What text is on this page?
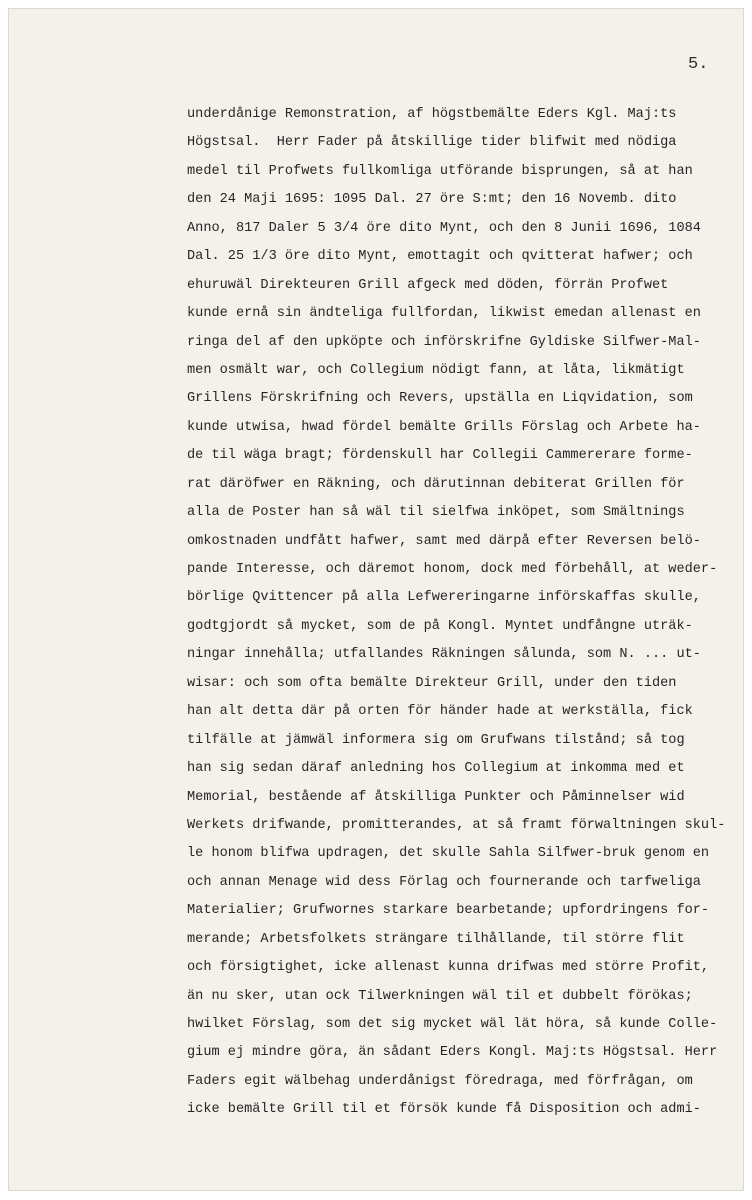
5.
underdånige Remonstration, af högstbemälte Eders Kgl. Maj:ts
Högstsal.  Herr Fader på åtskillige tider blifwit med nödiga
medel til Profwets fullkomliga utförande bisprungen, så at han
den 24 Maji 1695: 1095 Dal. 27 öre S:mt; den 16 Novemb. dito
Anno, 817 Daler 5 3/4 öre dito Mynt, och den 8 Junii 1696, 1084
Dal. 25 1/3 öre dito Mynt, emottagit och qvitterat hafwer; och
ehuruwäl Direkteuren Grill afgeck med döden, förrän Profwet
kunde ernå sin ändteliga fullfordan, likwist emedan allenast en
ringa del af den upköpte och införskrifne Gyldiske Silfwer-Mal-
men osmält war, och Collegium nödigt fann, at låta, likmätigt
Grillens Förskrifning och Revers, upställa en Liqvidation, som
kunde utwisa, hwad fördel bemälte Grills Förslag och Arbete ha-
de til wäga bragt; fördenskull har Collegii Cammererare forme-
rat däröfwer en Räkning, och därutinnan debiterat Grillen för
alla de Poster han så wäl til sielfwa inköpet, som Smältnings
omkostnaden undfått hafwer, samt med därpå efter Reversen belö-
pande Interesse, och däremot honom, dock med förbehåll, at weder-
börlige Qvittencer på alla Lefwereringarne införskaffas skulle,
godtgjordt så mycket, som de på Kongl. Myntet undfångne uträk-
ningar innehålla; utfallandes Räkningen sålunda, som N. ... ut-
wisar: och som ofta bemälte Direkteur Grill, under den tiden
han alt detta där på orten för händer hade at werkställa, fick
tilfälle at jämwäl informera sig om Grufwans tilstånd; så tog
han sig sedan däraf anledning hos Collegium at inkomma med et
Memorial, bestående af åtskilliga Punkter och Påminnelser wid
Werkets drifwande, promitterandes, at så framt förwaltningen skul-
le honom blifwa updragen, det skulle Sahla Silfwer-bruk genom en
och annan Menage wid dess Förlag och fournerande och tarfweliga
Materialier; Grufwornes starkare bearbetande; upfordringens for-
merande; Arbetsfolkets strängare tilhållande, til större flit
och försigtighet, icke allenast kunna drifwas med större Profit,
än nu sker, utan ock Tilwerkningen wäl til et dubbelt förökas;
hwilket Förslag, som det sig mycket wäl lät höra, så kunde Colle-
gium ej mindre göra, än sådant Eders Kongl. Maj:ts Högstsal. Herr
Faders egit wälbehag underdånigst föredraga, med förfrågan, om
icke bemälte Grill til et försök kunde få Disposition och admi-
